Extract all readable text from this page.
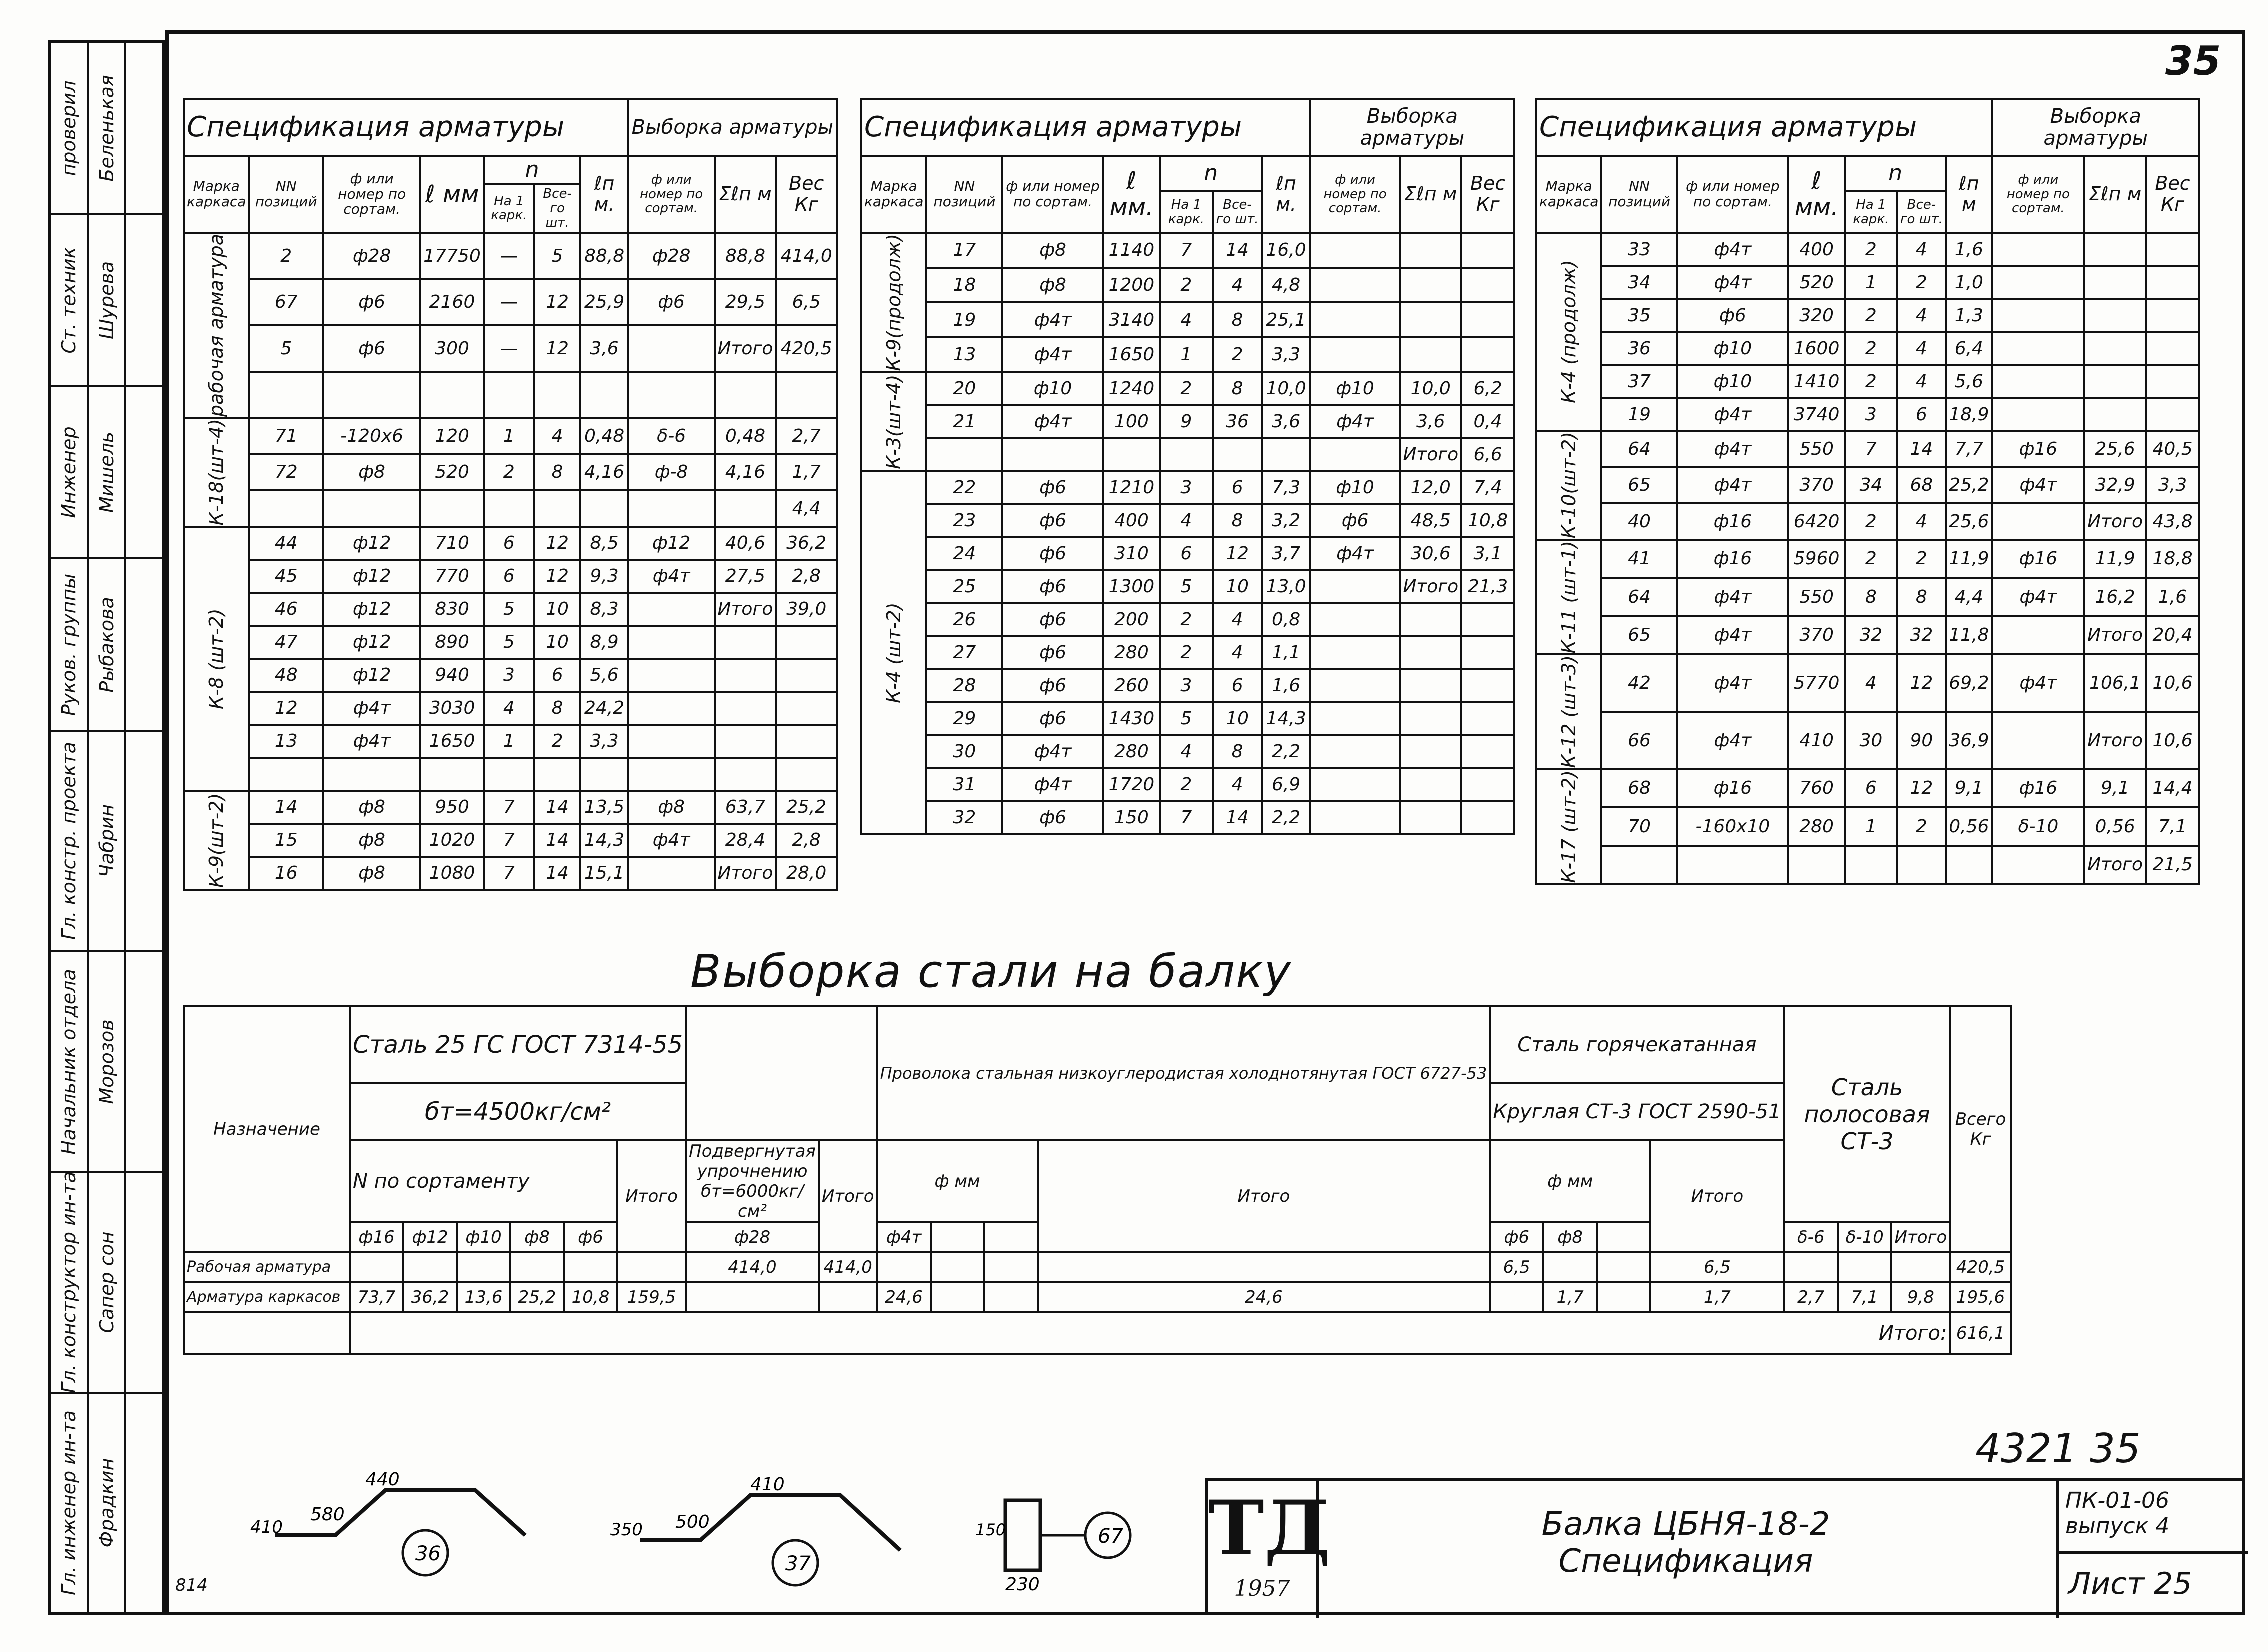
проверил
Ст. техник
Инженер
Руков. группы
Гл. констр. проекта
Начальник отдела
Гл. конструктор ин-та
Гл. инженер ин-та
Беленькая
Шурева
Мишель
Рыбакова
Чабрин
Морозов
Сапер сон
Фрадкин
35
814
4321 35
Спецификация арматуры							Выборка арматуры		
Марка каркаса	NN позиций	ф или номер по сортам.	ℓ мм	n		ℓп м.	ф или номер по сортам.	Σℓп м	Вес Кг
				На 1 карк.	Все- го шт.				
рабочая арматура	2	ф28	17750	—	5	88,8	ф28	88,8	414,0
	67	ф6	2160	—	12	25,9	ф6	29,5	6,5
	5	ф6	300	—	12	3,6		Итого	420,5

К-18(шт-4)	71	-120х6	120	1	4	0,48	δ-6	0,48	2,7
	72	ф8	520	2	8	4,16	ф-8	4,16	1,7
									4,4
К-8 (шт-2)	44	ф12	710	6	12	8,5	ф12	40,6	36,2
	45	ф12	770	6	12	9,3	ф4т	27,5	2,8
	46	ф12	830	5	10	8,3		Итого	39,0
	47	ф12	890	5	10	8,9			
	48	ф12	940	3	6	5,6			
	12	ф4т	3030	4	8	24,2			
	13	ф4т	1650	1	2	3,3			

К-9(шт-2)	14	ф8	950	7	14	13,5	ф8	63,7	25,2
	15	ф8	1020	7	14	14,3	ф4т	28,4	2,8
	16	ф8	1080	7	14	15,1		Итого	28,0
Спецификация арматуры							Выборка арматуры		
Марка каркаса	NN позиций	ф или номер по сортам.	ℓ мм.	n		ℓп м.	ф или номер по сортам.	Σℓп м	Вес Кг
				На 1 карк.	Все- го шт.				
К-9(продолж)	17	ф8	1140	7	14	16,0			
	18	ф8	1200	2	4	4,8			
	19	ф4т	3140	4	8	25,1			
	13	ф4т	1650	1	2	3,3			
К-3(шт-4)	20	ф10	1240	2	8	10,0	ф10	10,0	6,2
	21	ф4т	100	9	36	3,6	ф4т	3,6	0,4
								Итого	6,6
К-4 (шт-2)	22	ф6	1210	3	6	7,3	ф10	12,0	7,4
	23	ф6	400	4	8	3,2	ф6	48,5	10,8
	24	ф6	310	6	12	3,7	ф4т	30,6	3,1
	25	ф6	1300	5	10	13,0		Итого	21,3
	26	ф6	200	2	4	0,8			
	27	ф6	280	2	4	1,1			
	28	ф6	260	3	6	1,6			
	29	ф6	1430	5	10	14,3			
	30	ф4т	280	4	8	2,2			
	31	ф4т	1720	2	4	6,9			
	32	ф6	150	7	14	2,2			
Спецификация арматуры							Выборка арматуры		
Марка каркаса	NN позиций	ф или номер по сортам.	ℓ мм.	n		ℓп м	ф или номер по сортам.	Σℓп м	Вес Кг
				На 1 карк.	Все- го шт.				
К-4 (продолж)	33	ф4т	400	2	4	1,6			
	34	ф4т	520	1	2	1,0			
	35	ф6	320	2	4	1,3			
	36	ф10	1600	2	4	6,4			
	37	ф10	1410	2	4	5,6			
	19	ф4т	3740	3	6	18,9			
К-10(шт-2)	64	ф4т	550	7	14	7,7	ф16	25,6	40,5
	65	ф4т	370	34	68	25,2	ф4т	32,9	3,3
	40	ф16	6420	2	4	25,6		Итого	43,8
К-11 (шт-1)	41	ф16	5960	2	2	11,9	ф16	11,9	18,8
	64	ф4т	550	8	8	4,4	ф4т	16,2	1,6
	65	ф4т	370	32	32	11,8		Итого	20,4
К-12 (шт-3)	42	ф4т	5770	4	12	69,2	ф4т	106,1	10,6
	66	ф4т	410	30	90	36,9		Итого	10,6
К-17 (шт-2)	68	ф16	760	6	12	9,1	ф16	9,1	14,4
	70	-160х10	280	1	2	0,56	δ-10	0,56	7,1
								Итого	21,5
Выборка стали на балку
Назначение	Сталь 25 ГС ГОСТ 7314-55								Проволока стальная низкоуглеродистая холоднотянутая ГОСТ 6727-53				Сталь горячекатанная				Сталь полосовая СТ-3			Всего Кг
	бт=4500кг/см²												Круглая СТ-3 ГОСТ 2590-51							
	N по сортаменту					Итого	Подвергнутая упрочнению бт=6000кг/см²	Итого	ф мм			Итого	ф мм			Итого				
	ф16	ф12	ф10	ф8	ф6		ф28		ф4т				ф6	ф8			δ-6	δ-10	Итого	
Рабочая арматура							414,0	414,0					6,5			6,5				420,5
Арматура каркасов	73,7	36,2	13,6	25,2	10,8	159,5			24,6			24,6		1,7		1,7	2,7	7,1	9,8	195,6
	Итого:																			616,1
36
410
580
440
37
350 500
410
67
150
230
ТД
1957
Балка ЦБНЯ-18-2
Спецификация
ПК-01-06
выпуск 4
Лист 25
